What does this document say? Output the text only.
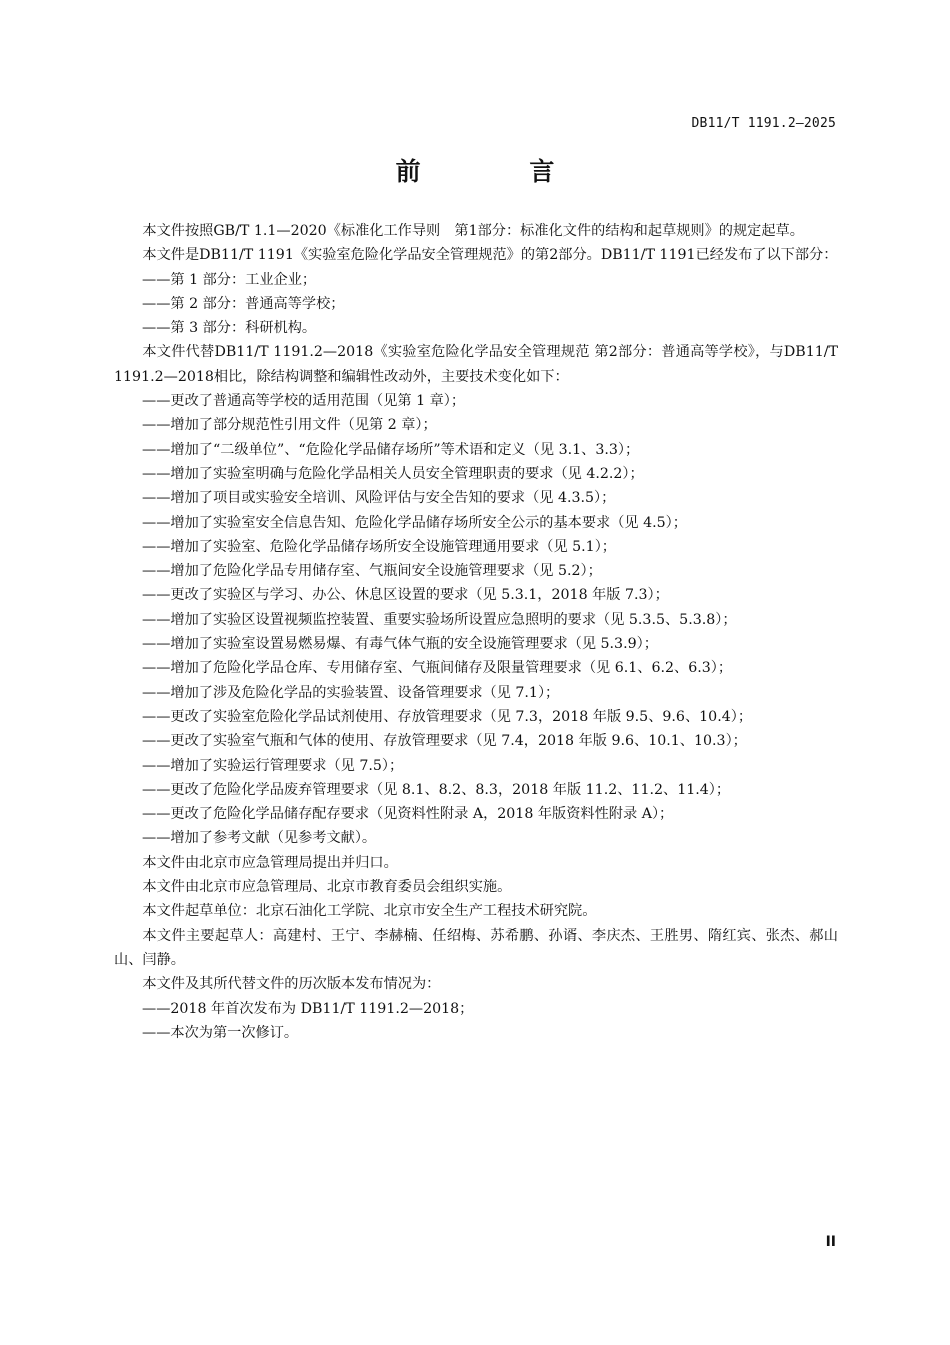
DB11/T 1191.2—2025
前 言
本文件按照GB/T 1.1—2020《标准化工作导则　第1部分：标准化文件的结构和起草规则》的规定起草。
本文件是DB11/T 1191《实验室危险化学品安全管理规范》的第2部分。DB11/T 1191已经发布了以下部分：
——第 1 部分：工业企业；
——第 2 部分：普通高等学校；
——第 3 部分：科研机构。
本文件代替DB11/T 1191.2—2018《实验室危险化学品安全管理规范 第2部分：普通高等学校》，与DB11/T 1191.2—2018相比，除结构调整和编辑性改动外，主要技术变化如下：
——更改了普通高等学校的适用范围（见第 1 章）；
——增加了部分规范性引用文件（见第 2 章）；
——增加了“二级单位”、“危险化学品储存场所”等术语和定义（见 3.1、3.3）；
——增加了实验室明确与危险化学品相关人员安全管理职责的要求（见 4.2.2）；
——增加了项目或实验安全培训、风险评估与安全告知的要求（见 4.3.5）；
——增加了实验室安全信息告知、危险化学品储存场所安全公示的基本要求（见 4.5）；
——增加了实验室、危险化学品储存场所安全设施管理通用要求（见 5.1）；
——增加了危险化学品专用储存室、气瓶间安全设施管理要求（见 5.2）；
——更改了实验区与学习、办公、休息区设置的要求（见 5.3.1，2018 年版 7.3）；
——增加了实验区设置视频监控装置、重要实验场所设置应急照明的要求（见 5.3.5、5.3.8）；
——增加了实验室设置易燃易爆、有毒气体气瓶的安全设施管理要求（见 5.3.9）；
——增加了危险化学品仓库、专用储存室、气瓶间储存及限量管理要求（见 6.1、6.2、6.3）；
——增加了涉及危险化学品的实验装置、设备管理要求（见 7.1）；
——更改了实验室危险化学品试剂使用、存放管理要求（见 7.3，2018 年版 9.5、9.6、10.4）；
——更改了实验室气瓶和气体的使用、存放管理要求（见 7.4，2018 年版 9.6、10.1、10.3）；
——增加了实验运行管理要求（见 7.5）；
——更改了危险化学品废弃管理要求（见 8.1、8.2、8.3，2018 年版 11.2、11.2、11.4）；
——更改了危险化学品储存配存要求（见资料性附录 A，2018 年版资料性附录 A）；
——增加了参考文献（见参考文献）。
本文件由北京市应急管理局提出并归口。
本文件由北京市应急管理局、北京市教育委员会组织实施。
本文件起草单位：北京石油化工学院、北京市安全生产工程技术研究院。
本文件主要起草人：高建村、王宁、李赫楠、任绍梅、苏希鹏、孙谞、李庆杰、王胜男、隋红宾、张杰、郝山山、闫静。
本文件及其所代替文件的历次版本发布情况为：
——2018 年首次发布为 DB11/T 1191.2—2018；
——本次为第一次修订。
II
